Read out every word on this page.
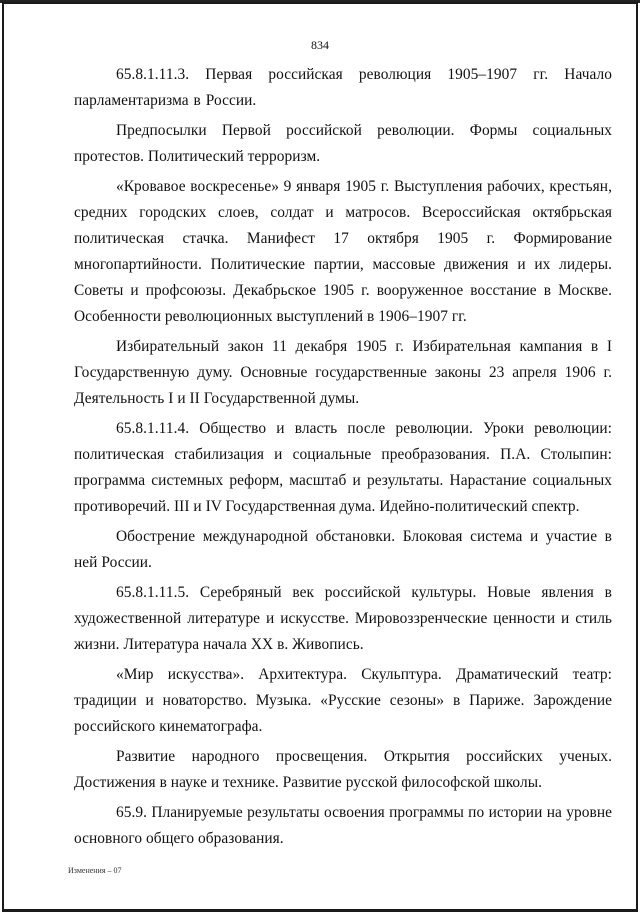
834

65.8.1.11.3. Первая российская революция 1905–1907 гг. Начало парламентаризма в России.

Предпосылки Первой российской революции. Формы социальных протестов. Политический терроризм.

«Кровавое воскресенье» 9 января 1905 г. Выступления рабочих, крестьян, средних городских слоев, солдат и матросов. Всероссийская октябрьская политическая стачка. Манифест 17 октября 1905 г. Формирование многопартийности. Политические партии, массовые движения и их лидеры. Советы и профсоюзы. Декабрьское 1905 г. вооруженное восстание в Москве. Особенности революционных выступлений в 1906–1907 гг.

Избирательный закон 11 декабря 1905 г. Избирательная кампания в I Государственную думу. Основные государственные законы 23 апреля 1906 г. Деятельность I и II Государственной думы.

65.8.1.11.4. Общество и власть после революции. Уроки революции: политическая стабилизация и социальные преобразования. П.А. Столыпин: программа системных реформ, масштаб и результаты. Нарастание социальных противоречий. III и IV Государственная дума. Идейно-политический спектр.

Обострение международной обстановки. Блоковая система и участие в ней России.

65.8.1.11.5. Серебряный век российской культуры. Новые явления в художественной литературе и искусстве. Мировоззренческие ценности и стиль жизни. Литература начала XX в. Живопись.

«Мир искусства». Архитектура. Скульптура. Драматический театр: традиции и новаторство. Музыка. «Русские сезоны» в Париже. Зарождение российского кинематографа.

Развитие народного просвещения. Открытия российских ученых. Достижения в науке и технике. Развитие русской философской школы.

65.9. Планируемые результаты освоения программы по истории на уровне основного общего образования.

Изменения – 07
